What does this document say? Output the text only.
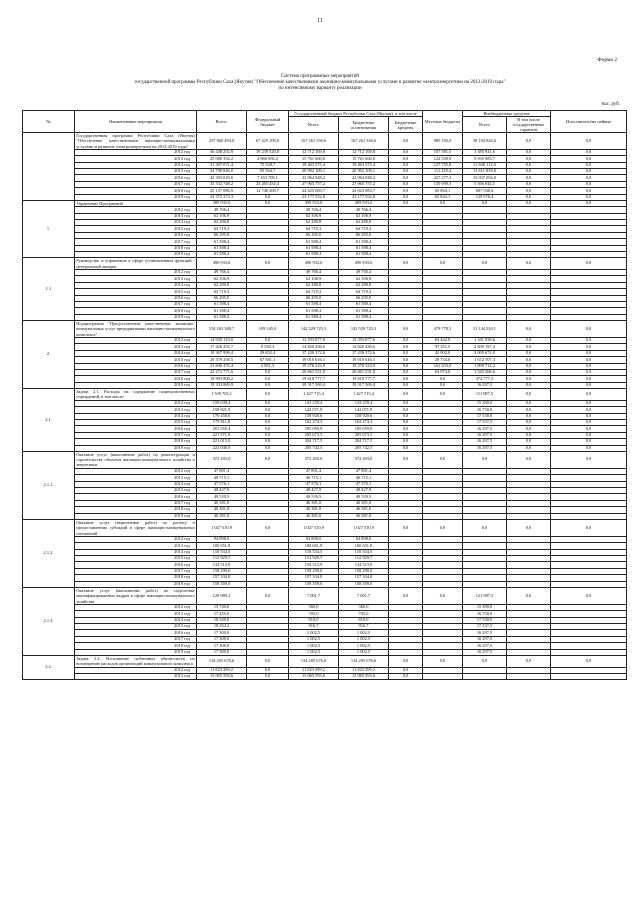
11
Форма 2
Система программных мероприятий
государственной программы Республики Саха (Якутия) "Обеспечение качественными жилищно-коммунальными услугами и развитие электроэнергетики на 2012-2019 годы"
по интенсивному варианту реализации
тыс. руб.
№	Наименование мероприятия	Всего:	Федеральный бюджет	Государственный бюджет Республики Саха (Якутия), в том числе			Местные бюджеты	Внебюджетные средства		Исполнители/на пайные
				Всего	Бюджетные ассигнования	Бюджетные кредиты		Всего	В том числе государственные гарантии	

	Государственная программа Республики Саха (Якутия) "Обеспечение качественными жилищно-коммунальными услугами и развитие электроэнергетики на 2012-2019 годы"	257 860 494,0	67 425 109,8	167 261 356,6	167 261 356,6	0,0	985 183,0	38 194 844,6	0,0	0,0
	2012 год	36 448 292,9	19 239 520,0	12 712 169,8	12 712 169,8	0,0	107 581,5	3 385 941,6	0,0	0,0
	2013 год	25 088 354,2	4 868 056,2	15 761 660,0	15 761 660,0	0,0	122 539,9	9 935 983,7	0,0	0,0
	2014 год	31 307 071,4	75 528,7	19 463 575,4	19 463 575,4	0,0	127 755,8	11 640 112,0	0,0	0,0
	2015 год	34 798 846,0	93 564,7	20 992 109,1	20 992 109,1	0,0	111 220,4	13 611 839,8	0,0	0,0
	2016 год	43 393 029,6	7 163 709,1	22 964 948,2	22 964 948,2	0,0	227 277,3	13 037 094,0	0,0	0,0
	2017 год	35 532 748,2	23 265 454,4	27 965 757,2	27 965 757,2	0,0	130 699,3	5 366 844,5	0,0	0,0
	2018 год	25 137 086,9	12 740 200,7	24 623 083,7	24 623 083,7	0,0	65 864,1	687 938,4	0,0	0,0
	2019 год	23 373 373,3	0,0	23 177 552,8	23 177 552,8	0,0	65 844,1	129 976,4	0,0	0,0
1.	Управление Программой	499 933,6	0,0	499 933,6	499 933,6	0,0	0,0	0,0	0,0	0,0
	2012 год	49 766,4		49 766,4	49 766,4					
	2013 год	62 106,9		62 106,9	62 106,9					
	2014 год	62 280,8		62 280,8	62 280,8					
	2015 год	64 719,3		64 719,3	64 719,3					
	2016 год	66 295,0		66 295,0	66 295,0					
	2017 год	61 588,4		61 588,4	61 588,4					
	2018 год	61 588,4		61 588,4	61 588,4					
	2019 год	61 588,4		61 588,4	61 588,4					
1.1	Руководство и управление в сфере установленных функций - центральный аппарат	490 933,6	0,0	490 933,6	490 933,6	0,0	0,0	0,0	0,0	0,0
	2012 год	49 766,4		49 766,4	49 766,4					
	2013 год	62 106,9		62 106,9	62 106,9					
	2014 год	62 280,8		62 280,8	62 280,8					
	2015 год	64 719,3		64 719,3	64 719,3					
	2016 год	66 295,0		66 295,0	66 295,0					
	2017 год	61 588,4		61 588,4	61 588,4					
	2018 год	61 588,4		61 588,4	61 588,4					
	2019 год	61 588,4		61 588,4	61 588,4					
2.	Подпрограмма "Предоставление качественных жилищно-коммунальных услуг предприятиями жилищно-коммунального комплекса"	154 263 388,7	109 345,0	142 529 725,3	142 529 725,3	0,0	479 778,3	11 144 520,1	0,0	0,0
	2012 год	14 920 110,0	0,0	12 593 877,6	12 593 877,6	0,0	84 442,8	1 341 939,6	0,0	0,0
	2013 год	17 426 455,7	9 530,3	14 820 436,6	14 820 436,6	0,0	97 351,5	2 499 197,4	0,0	0,0
	2014 год	19 307 999,4	29 652,4	17 230 372,6	17 230 372,6	0,0	42 902,0	2 005 672,0	0,0	0,0
	2015 год	20 379 258,5	67 381,1	19 010 616,1	19 010 616,1	0,0	28 734,0	1 672 707,3	0,0	0,0
	2016 год	21 840 476,4	2 851,3	19 276 323,9	19 276 323,9	0,0	161 433,0	1 899 712,2	0,0	0,0
	2017 год	22 271 771,6	0,0	20 661 531,0	20 661 531,0	0,0	64 974,0	1 545 266,6	0,0	0,0
	2018 год	19 993 800,2	0,0	19 618 777,7	19 618 777,7	0,0	0,0	374 777,5	0,0	0,0
	2019 год	19 333 869,9	0,0	19 317 569,4	19 317 569,4	0,0	0,0	16 297,5	0,0	0,0
2.1.	Задача 2.1. Расходы на содержание подведомственных учреждений, в том числе:	1 539 703,1	0,0	1 427 715,4	1 427 715,4	0,0	0,0	111 987,5	0,0	0,0
	2012 год	158 639,4	0,0	143 259,4	143 259,4	0,0		15 380,0	0,0	0,0
	2013 год	158 821,9	0,0	142 071,9	142 071,9	0,0		16 750,0	0,0	0,0
	2014 год	176 450,6	0,0	158 920,6	158 920,6	0,0		17 530,0	0,0	0,0
	2015 год	179 611,8	0,0	162 274,3	162 274,3	0,0		17 337,5	0,0	0,0
	2016 год	201 355,4	0,0	185 059,9	185 059,9	0,0		16 297,5	0,0	0,0
	2017 год	221 971,0	0,0	205 673,5	205 673,5	0,0		16 297,5	0,0	0,0
	2018 год	221 015,0	0,0	204 717,5	204 717,5	0,0		16 297,5	0,0	0,0
	2019 год	222 040,0	0,0	205 742,5	205 742,5	0,0		16 297,5	0,0	0,0
2.1.1.	Оказание услуг (выполнение работ) по реконструкции и строительству объектов жилищно-коммунального хозяйства и энергетики	372 203,0	0,0	372 203,0	372 203,0	0,0	0,0	0,0	0,0	0,0
	2012 год	47 801,4		47 801,4	47 801,4					
	2013 год	40 715,1		40 715,1	40 715,1					
	2014 год	47 576,1		47 576,1	47 576,1					
	2015 год	48 427,9		48 427,9	48 427,9					
	2016 год	49 539,5		49 539,5	49 539,5					
	2017 год	46 381,0		46 381,0	46 381,0					
	2018 год	46 381,0		46 381,0	46 381,0					
	2019 год	46 381,0		46 381,0	46 381,0					
2.1.2.	Оказание услуг (выполнение работ) по расчету и предоставлению субсидий в сфере жилищно-коммунальных отношений	1 027 510,9	0,0	1 027 510,9	1 027 510,9	0,0	0,0	0,0	0,0	0,0
	2012 год	94 898,0		94 898,0	94 898,0					
	2013 год	100 651,8		100 651,8	100 651,8					
	2014 год	110 534,5		110 534,5	110 534,5					
	2015 год	112 929,7		112 929,7	112 929,7					
	2016 год	134 513,9		134 513,9	134 513,9					
	2017 год	158 290,0		158 290,0	158 290,0					
	2018 год	157 334,0		157 334,0	157 334,0					
	2019 год	158 359,0		158 359,0	158 359,0					
2.1.3.	Оказание услуг (выполнение работ) по подготовке квалифицированных кадров в сфере жилищно-коммунального хозяйства	128 989,2	0,0	7 001,7	7 001,7	0,0	0,0	121 987,5	0,0	0,0
	2012 год	15 740,0		360,0	360,0			15 380,0		
	2013 год	17 455,0		705,0	705,0			16 750,0		
	2014 год	18 340,0		810,0	810,0			17 530,0		
	2015 год	18 254,2		916,7	916,7			17 337,5		
	2016 год	17 300,0		1 002,5	1 002,5			16 297,5		
	2017 год	17 300,0		1 002,5	1 002,5			16 297,5		
	2018 год	17 300,0		1 002,5	1 002,5			16 297,5		
	2019 год	17 300,0		1 002,5	1 002,5			16 297,5		
2.2.	Задача 2.2. Исполнение публичных обязательств по возмещению расходов организаций коммунального комплекса	134 205 676,6	0,0	134 205 676,6	134 205 676,6	0,0	0,0	0,0	0,0	0,0
	2012 год	11 823 399,2	0,0	11 823 399,2	11 823 399,2	0,0				
	2013 год	13 065 593,6	0,0	13 065 593,6	13 065 593,6	0,0				
